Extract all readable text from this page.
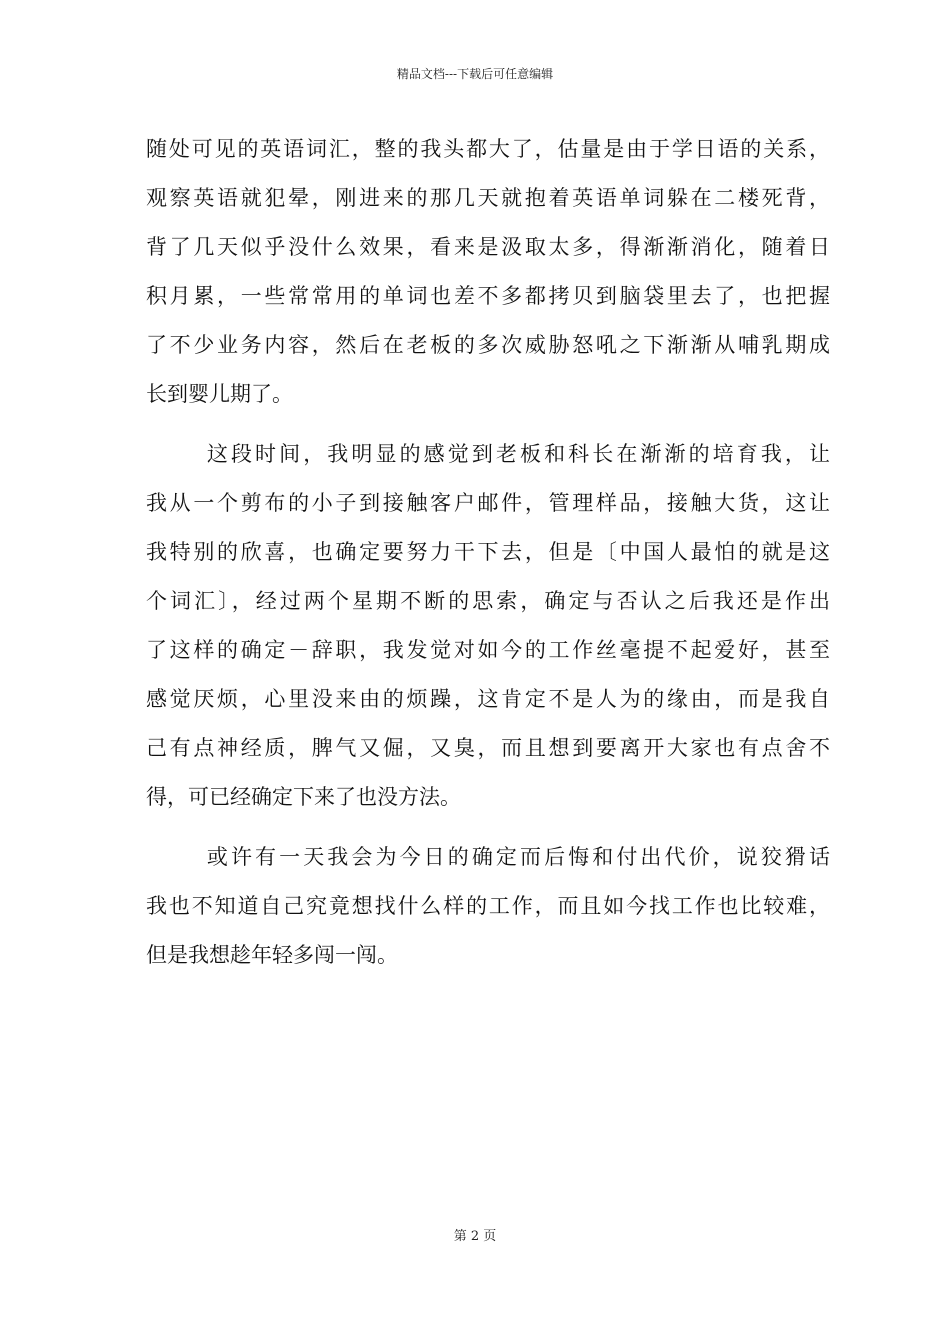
精品文档---下载后可任意编辑
随处可见的英语词汇，整的我头都大了，估量是由于学日语的关系，
观察英语就犯晕，刚进来的那几天就抱着英语单词躲在二楼死背，
背了几天似乎没什么效果，看来是汲取太多，得渐渐消化，随着日
积月累，一些常常用的单词也差不多都拷贝到脑袋里去了，也把握
了不少业务内容，然后在老板的多次威胁怒吼之下渐渐从哺乳期成
长到婴儿期了。
这段时间，我明显的感觉到老板和科长在渐渐的培育我，让
我从一个剪布的小子到接触客户邮件，管理样品，接触大货，这让
我特别的欣喜，也确定要努力干下去，但是〔中国人最怕的就是这
个词汇〕，经过两个星期不断的思索，确定与否认之后我还是作出
了这样的确定－辞职，我发觉对如今的工作丝毫提不起爱好，甚至
感觉厌烦，心里没来由的烦躁，这肯定不是人为的缘由，而是我自
己有点神经质，脾气又倔，又臭，而且想到要离开大家也有点舍不
得，可已经确定下来了也没方法。
或许有一天我会为今日的确定而后悔和付出代价，说狡猾话
我也不知道自己究竟想找什么样的工作，而且如今找工作也比较难，
但是我想趁年轻多闯一闯。
第 2 页
